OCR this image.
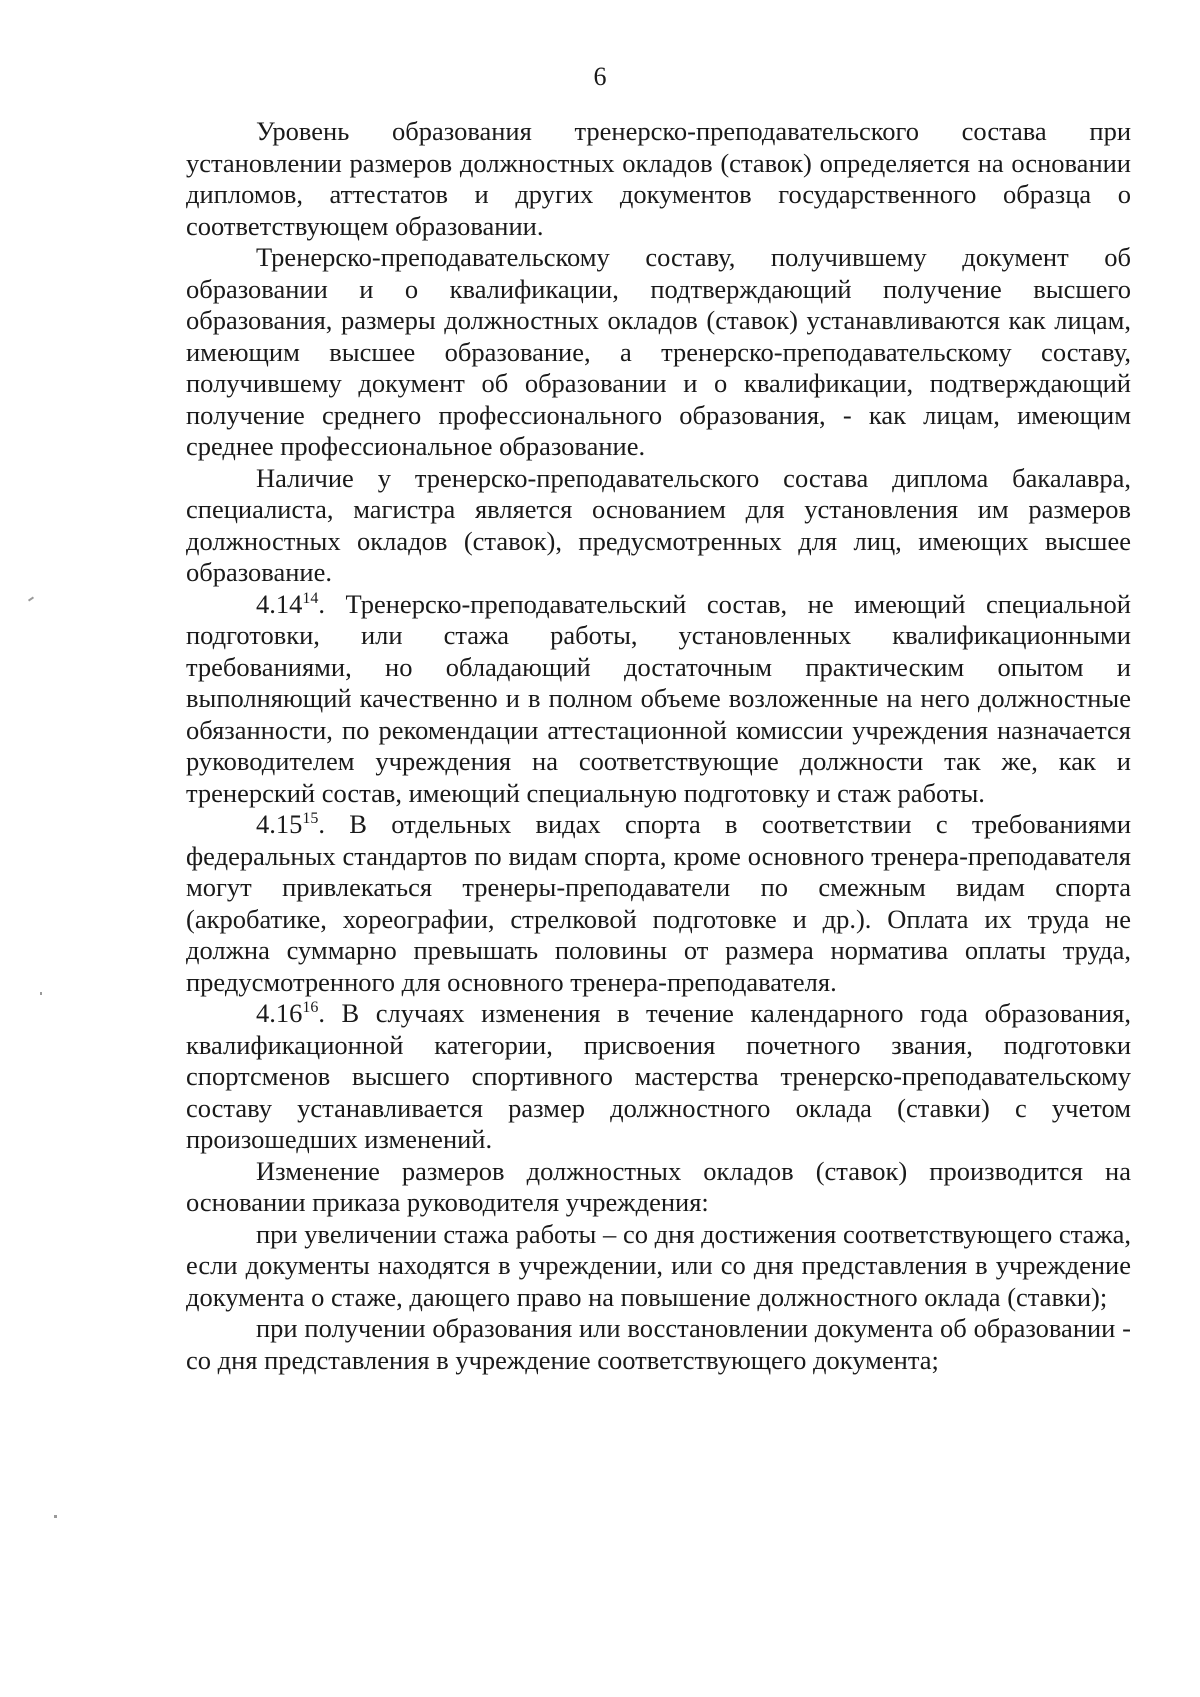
6

Уровень образования тренерско-преподавательского состава при установлении размеров должностных окладов (ставок) определяется на основании дипломов, аттестатов и других документов государственного образца о соответствующем образовании.

Тренерско-преподавательскому составу, получившему документ об образовании и о квалификации, подтверждающий получение высшего образования, размеры должностных окладов (ставок) устанавливаются как лицам, имеющим высшее образование, а тренерско-преподавательскому составу, получившему документ об образовании и о квалификации, подтверждающий получение среднего профессионального образования, - как лицам, имеющим среднее профессиональное образование.

Наличие у тренерско-преподавательского состава диплома бакалавра, специалиста, магистра является основанием для установления им размеров должностных окладов (ставок), предусмотренных для лиц, имеющих высшее образование.

4.14$^{14}$. Тренерско-преподавательский состав, не имеющий специальной подготовки, или стажа работы, установленных квалификационными требованиями, но обладающий достаточным практическим опытом и выполняющий качественно и в полном объеме возложенные на него должностные обязанности, по рекомендации аттестационной комиссии учреждения назначается руководителем учреждения на соответствующие должности так же, как и тренерский состав, имеющий специальную подготовку и стаж работы.

4.15$^{15}$. В отдельных видах спорта в соответствии с требованиями федеральных стандартов по видам спорта, кроме основного тренера-преподавателя могут привлекаться тренеры-преподаватели по смежным видам спорта (акробатике, хореографии, стрелковой подготовке и др.). Оплата их труда не должна суммарно превышать половины от размера норматива оплаты труда, предусмотренного для основного тренера-преподавателя.

4.16$^{16}$. В случаях изменения в течение календарного года образования, квалификационной категории, присвоения почетного звания, подготовки спортсменов высшего спортивного мастерства тренерско-преподавательскому составу устанавливается размер должностного оклада (ставки) с учетом произошедших изменений.

Изменение размеров должностных окладов (ставок) производится на основании приказа руководителя учреждения:

при увеличении стажа работы – со дня достижения соответствующего стажа, если документы находятся в учреждении, или со дня представления в учреждение документа о стаже, дающего право на повышение должностного оклада (ставки);

при получении образования или восстановлении документа об образовании - со дня представления в учреждение соответствующего документа;
